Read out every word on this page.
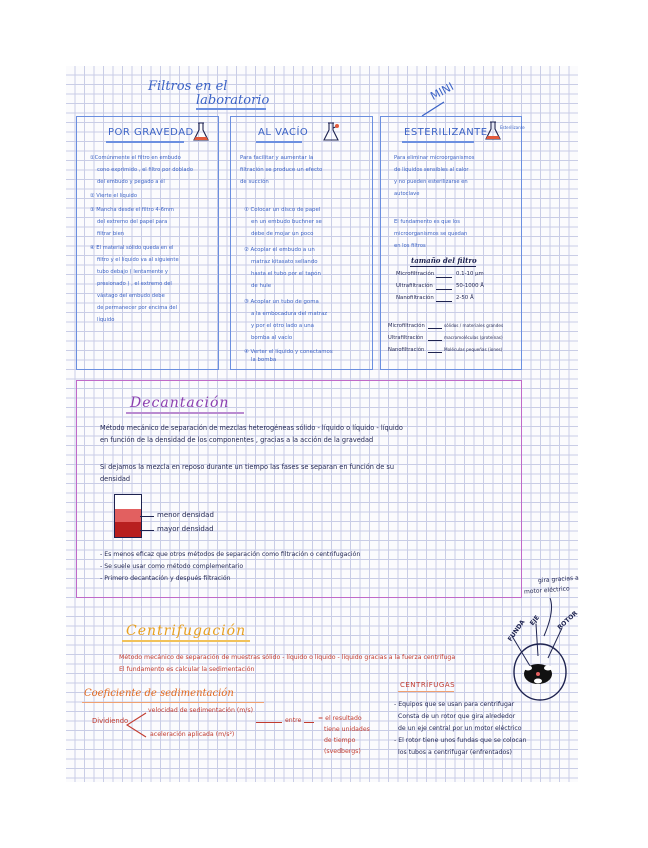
Filtros en el
laboratorio	MINI
POR GRAVEDAD
①Comúnmente el filtro en embudo
cono exprimido , el filtro por doblado
del embudo y pegado a él
② Vierte el líquido
③ Mancha desde el filtro 4-6mm
del extremo del papel para
filtrar bien
④ El material sólido queda en el
filtro y el líquido va al siguiente
tubo debajo ( lentamente y
presionado ) , el extremo del
vástago del embudo debe
de permanecer por encima del
líquido
AL VACÍO
Para facilitar y aumentar la
filtración se produce un efecto
de succión
① Colocar un disco de papel
en un embudo buchner se
debe de mojar un poco
② Acoplar el embudo a un
matraz kitasato sellando
hasta el tubo por el tapón
de hule
③ Acoplar un tubo de goma
a la embocadura del matraz
y por el otro lado a una
bomba al vacío
④ Verter el líquido y conectamos
la bomba
ESTERILIZANTE	Esterilizante
Para eliminar microorganismos
de líquidos sensibles al calor
y no pueden esterilizarse en
autoclave
El fundamento es que los
microorganismos se quedan
en los filtros
tamaño del filtro
Microfiltración	0.1-10 µm
Ultrafiltración	50-1000 Å
Nanofiltración	2-50 Å
Microfiltración	sólidos / materiales grandes
Ultrafiltración	macromoléculas (proteínas)
Nanofiltración	Moléculas pequeñas (iones)
Decantación
Método mecánico de separación de mezclas heterogéneas sólido - líquido o líquido - líquido
en función de la densidad de los componentes , gracias a la acción de la gravedad
Si dejamos la mezcla en reposo durante un tiempo las fases se separan en función de su
densidad
menor densidad
mayor densidad
- Es menos eficaz que otros métodos de separación como filtración o centrifugación
- Se suele usar como método complementario
- Primero decantación y después filtración
Centrifugación
Método mecánico de separación de muestras sólido - líquido o líquido - líquido gracias a la fuerza centrífuga
El fundamento es calcular la sedimentación
Coeficiente de sedimentación
velocidad de sedimentación (m/s)
Dividiendo
aceleración aplicada (m/s²)
entre	= el resultado
tiene unidades
de tiempo
(svedbergs)
CENTRÍFUGAS
- Equipos que se usan para centrifugar
Consta de un rotor que gira alrededor
de un eje central por un motor eléctrico
- El rotor tiene unos fundas que se colocan
los tubos a centrifugar (enfrentados)
gira gracias a
motor eléctrico
FUNDA EJE ROTOR
